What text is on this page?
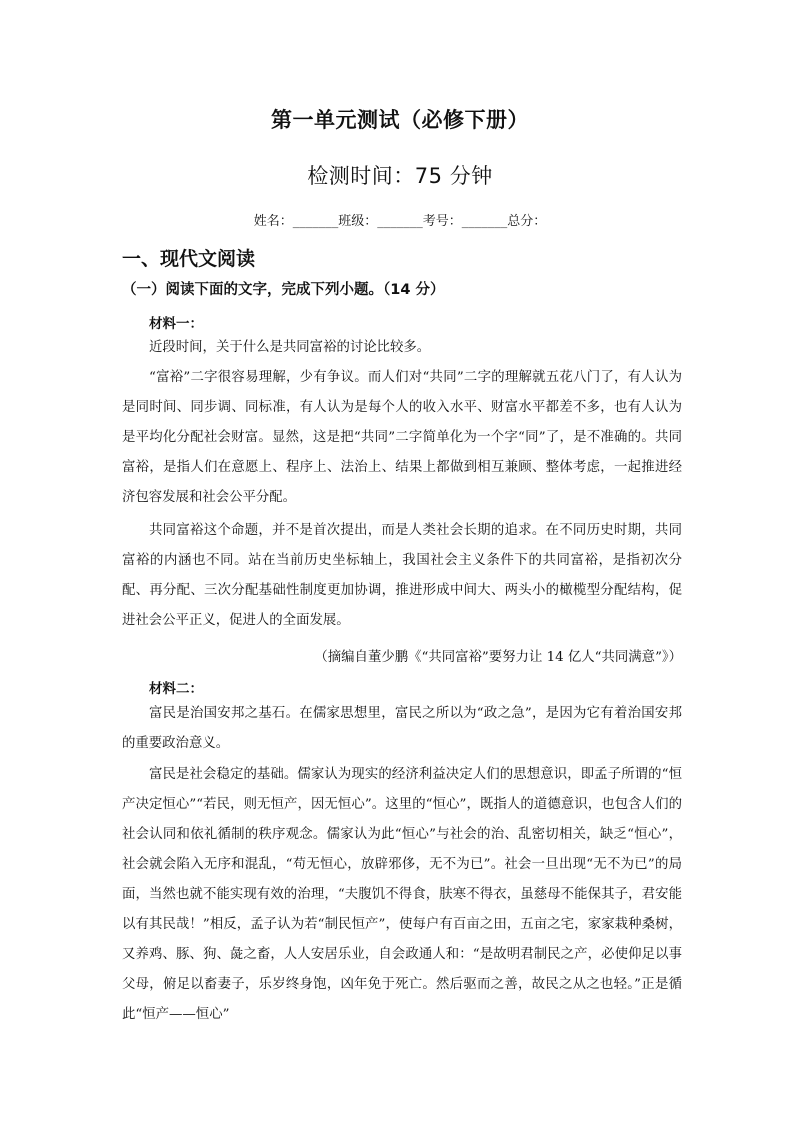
第一单元测试（必修下册）
检测时间：75 分钟
姓名：_______班级：_______考号：_______总分：
一、现代文阅读
（一）阅读下面的文字，完成下列小题。（14 分）
材料一：

近段时间，关于什么是共同富裕的讨论比较多。

“富裕”二字很容易理解，少有争议。而人们对“共同”二字的理解就五花八门了，有人认为是同时间、同步调、同标准，有人认为是每个人的收入水平、财富水平都差不多，也有人认为是平均化分配社会财富。显然，这是把“共同”二字简单化为一个字“同”了，是不准确的。共同富裕，是指人们在意愿上、程序上、法治上、结果上都做到相互兼顾、整体考虑，一起推进经济包容发展和社会公平分配。

共同富裕这个命题，并不是首次提出，而是人类社会长期的追求。在不同历史时期，共同富裕的内涵也不同。站在当前历史坐标轴上，我国社会主义条件下的共同富裕，是指初次分配、再分配、三次分配基础性制度更加协调，推进形成中间大、两头小的橄榄型分配结构，促进社会公平正义，促进人的全面发展。

（摘编自董少鹏《“共同富裕”要努力让 14 亿人“共同满意”》）
材料二：

富民是治国安邦之基石。在儒家思想里，富民之所以为“政之急”，是因为它有着治国安邦的重要政治意义。

富民是社会稳定的基础。儒家认为现实的经济利益决定人们的思想意识，即孟子所谓的“恒产决定恒心”“若民，则无恒产，因无恒心”。这里的“恒心”，既指人的道德意识，也包含人们的社会认同和依礼循制的秩序观念。儒家认为此“恒心”与社会的治、乱密切相关，缺乏“恒心”，社会就会陷入无序和混乱，“苟无恒心，放辟邪侈，无不为已”。社会一旦出现“无不为已”的局面，当然也就不能实现有效的治理，“夫腹饥不得食，肤寒不得衣，虽慈母不能保其子，君安能以有其民哉！”相反，孟子认为若“制民恒产”，使每户有百亩之田，五亩之宅，家家栽种桑树，又养鸡、豚、狗、彘之畜，人人安居乐业，自会政通人和：“是故明君制民之产，必使仰足以事父母，俯足以畜妻子，乐岁终身饱，凶年免于死亡。然后驱而之善，故民之从之也轻。”正是循此“恒产——恒心”
